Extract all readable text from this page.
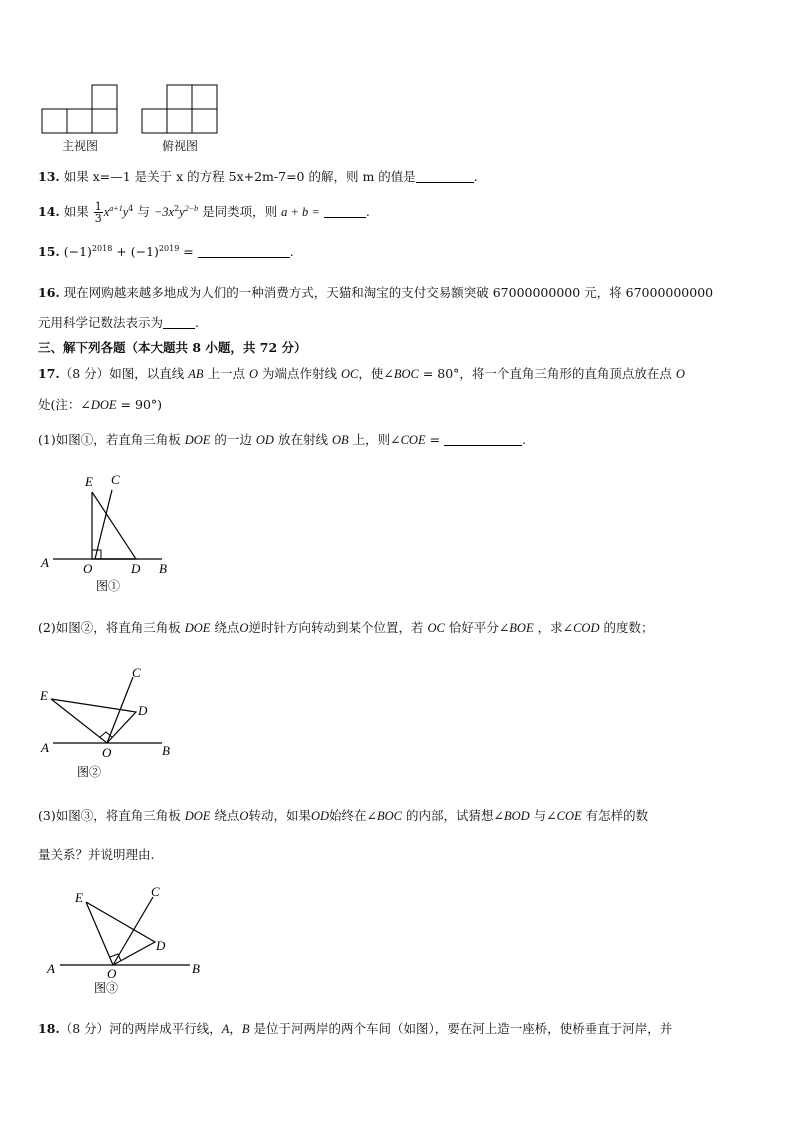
主视图	俯视图
13. 如果 x=—1 是关于 x 的方程 5x+2m-7=0 的解，则 m 的值是	.
14. 如果 $\frac{1}{3} x^{a+1}y^4$ 与 $-3x^2y^{2-b}$ 是同类项，则 a + b =	.
15. $(-1)^{2018} + (-1)^{2019}$ =	.
16. 现在网购越来越多地成为人们的一种消费方式，天猫和淘宝的支付交易额突破 67000000000 元，将 67000000000
元用科学记数法表示为	.
三、解下列各题（本大题共 8 小题，共 72 分）
17.（8 分）如图，以直线 AB 上一点 O 为端点作射线 OC，使∠BOC = 80°，将一个直角三角形的直角顶点放在点 O
处(注：∠DOE = 90°)
(1)如图①，若直角三角板 DOE 的一边 OD 放在射线 OB 上，则∠COE =	.
A	O	D B
E C
图①
(2)如图②，将直角三角板 DOE 绕点O逆时针方向转动到某个位置，若 OC 恰好平分∠BOE ，求∠COD 的度数；
A	O	B
E
D
C
图②
(3)如图③，将直角三角板 DOE 绕点O转动，如果OD始终在∠BOC 的内部，试猜想∠BOD 与∠COE 有怎样的数
量关系？并说明理由.
A	O	B
E
D
C
图③
18.（8 分）河的两岸成平行线，A，B 是位于河两岸的两个车间（如图），要在河上造一座桥，使桥垂直于河岸，并
